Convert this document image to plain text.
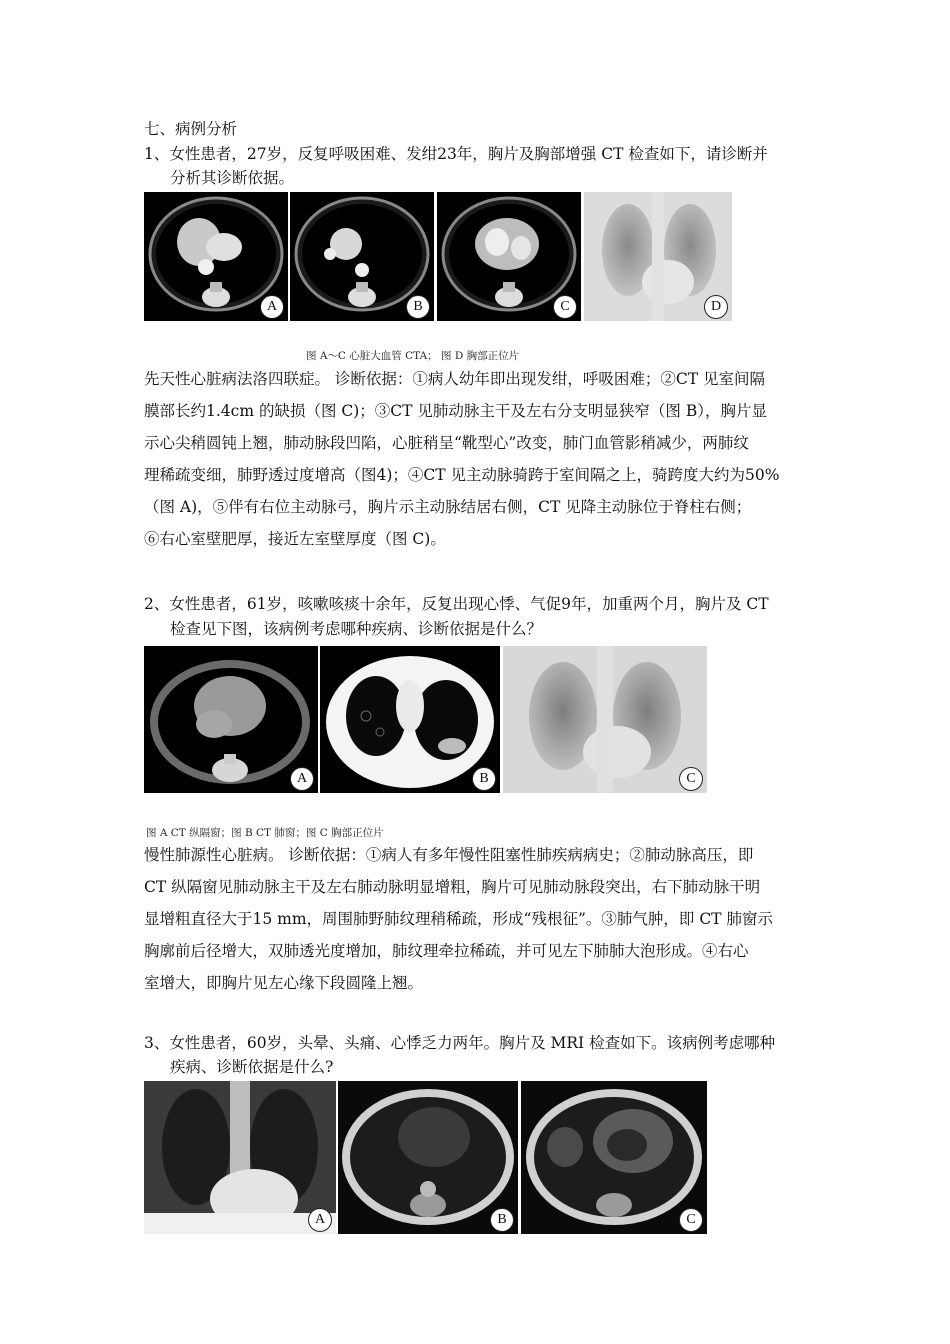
七、病例分析
1、女性患者，27岁，反复呼吸困难、发绀23年，胸片及胸部增强 CT 检查如下，请诊断并
分析其诊断依据。
A	B	C	D
图 A～C 心脏大血管 CTA； 图 D 胸部正位片
先天性心脏病法洛四联症。 诊断依据：①病人幼年即出现发绀，呼吸困难；②CT 见室间隔
膜部长约1.4cm 的缺损（图 C)；③CT 见肺动脉主干及左右分支明显狭窄（图 B），胸片显
示心尖稍圆钝上翘，肺动脉段凹陷，心脏稍呈“靴型心”改变，肺门血管影稍减少，两肺纹
理稀疏变细，肺野透过度增高（图4)；④CT 见主动脉骑跨于室间隔之上，骑跨度大约为50%
（图 A)，⑤伴有右位主动脉弓，胸片示主动脉结居右侧，CT 见降主动脉位于脊柱右侧；
⑥右心室壁肥厚，接近左室壁厚度（图 C)。
2、女性患者，61岁，咳嗽咳痰十余年，反复出现心悸、气促9年，加重两个月，胸片及 CT
检查见下图，该病例考虑哪种疾病、诊断依据是什么？
A	B	C
图 A CT 纵隔窗；图 B CT 肺窗；图 C 胸部正位片
慢性肺源性心脏病。 诊断依据：①病人有多年慢性阻塞性肺疾病病史；②肺动脉高压，即
CT 纵隔窗见肺动脉主干及左右肺动脉明显增粗，胸片可见肺动脉段突出，右下肺动脉干明
显增粗直径大于15 mm，周围肺野肺纹理稍稀疏，形成“残根征”。③肺气肿，即 CT 肺窗示
胸廓前后径增大，双肺透光度增加，肺纹理牵拉稀疏，并可见左下肺肺大泡形成。④右心
室增大，即胸片见左心缘下段圆隆上翘。
3、女性患者，60岁，头晕、头痛、心悸乏力两年。胸片及 MRI 检查如下。该病例考虑哪种
疾病、诊断依据是什么?
A	B	C
